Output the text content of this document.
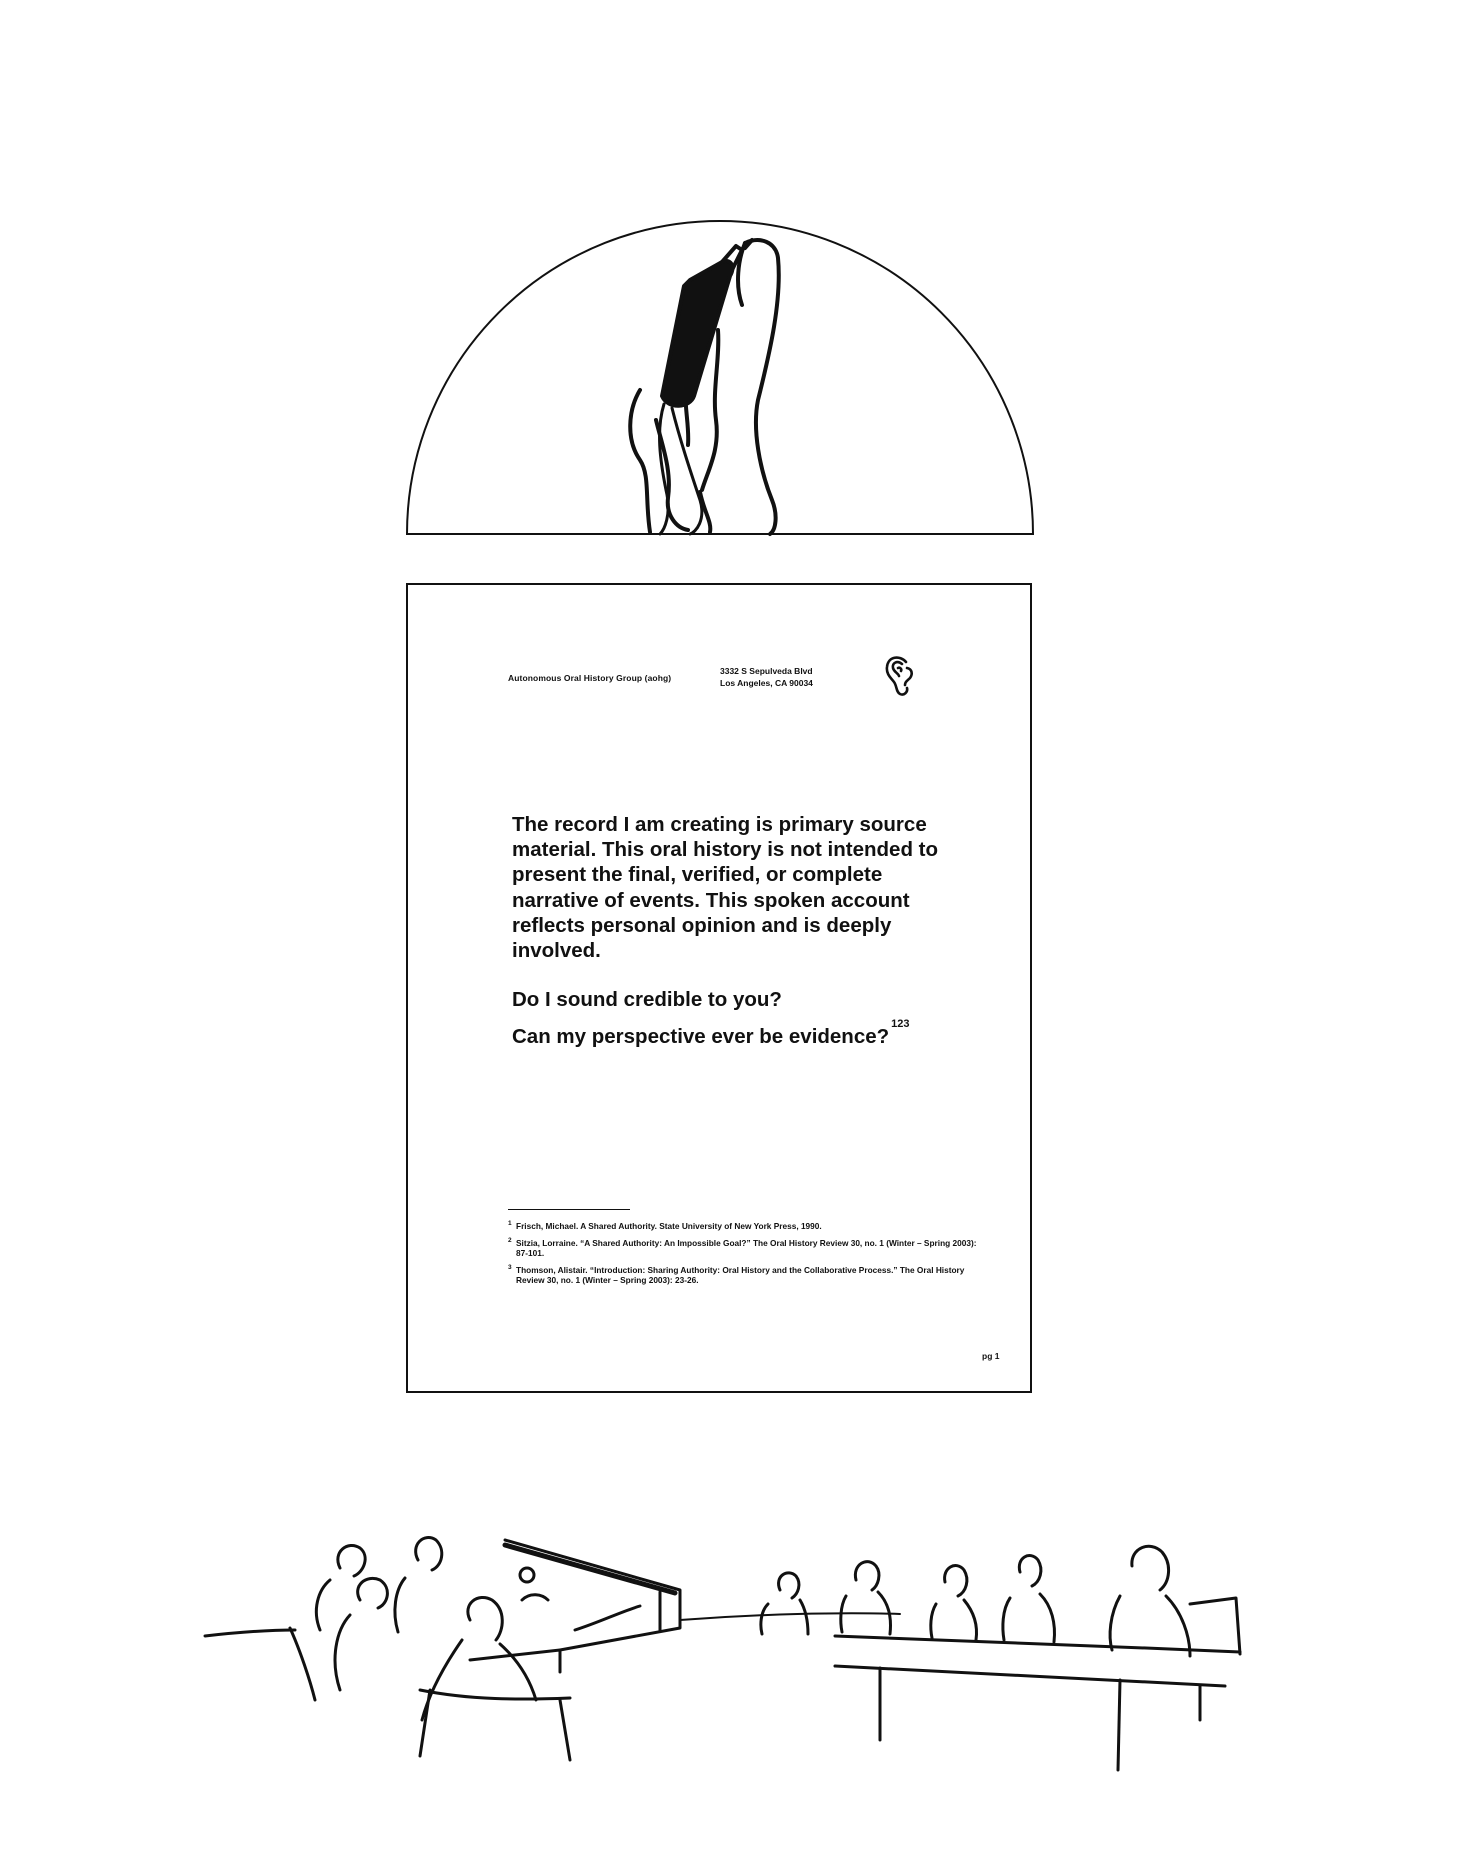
Autonomous Oral History Group (aohg)
3332 S Sepulveda Blvd
Los Angeles, CA 90034
The record I am creating is primary source material. This oral history is not intended to present the final, verified, or complete narrative of events. This spoken account reflects personal opinion and is deeply involved.
Do I sound credible to you?
Can my perspective ever be evidence?$^{123}$
1 Frisch, Michael. A Shared Authority. State University of New York Press, 1990.
2 Sitzia, Lorraine. “A Shared Authority: An Impossible Goal?” The Oral History Review 30, no. 1 (Winter – Spring 2003): 87-101.
3 Thomson, Alistair. “Introduction: Sharing Authority: Oral History and the Collaborative Process.” The Oral History Review 30, no. 1 (Winter – Spring 2003): 23-26.
pg 1
